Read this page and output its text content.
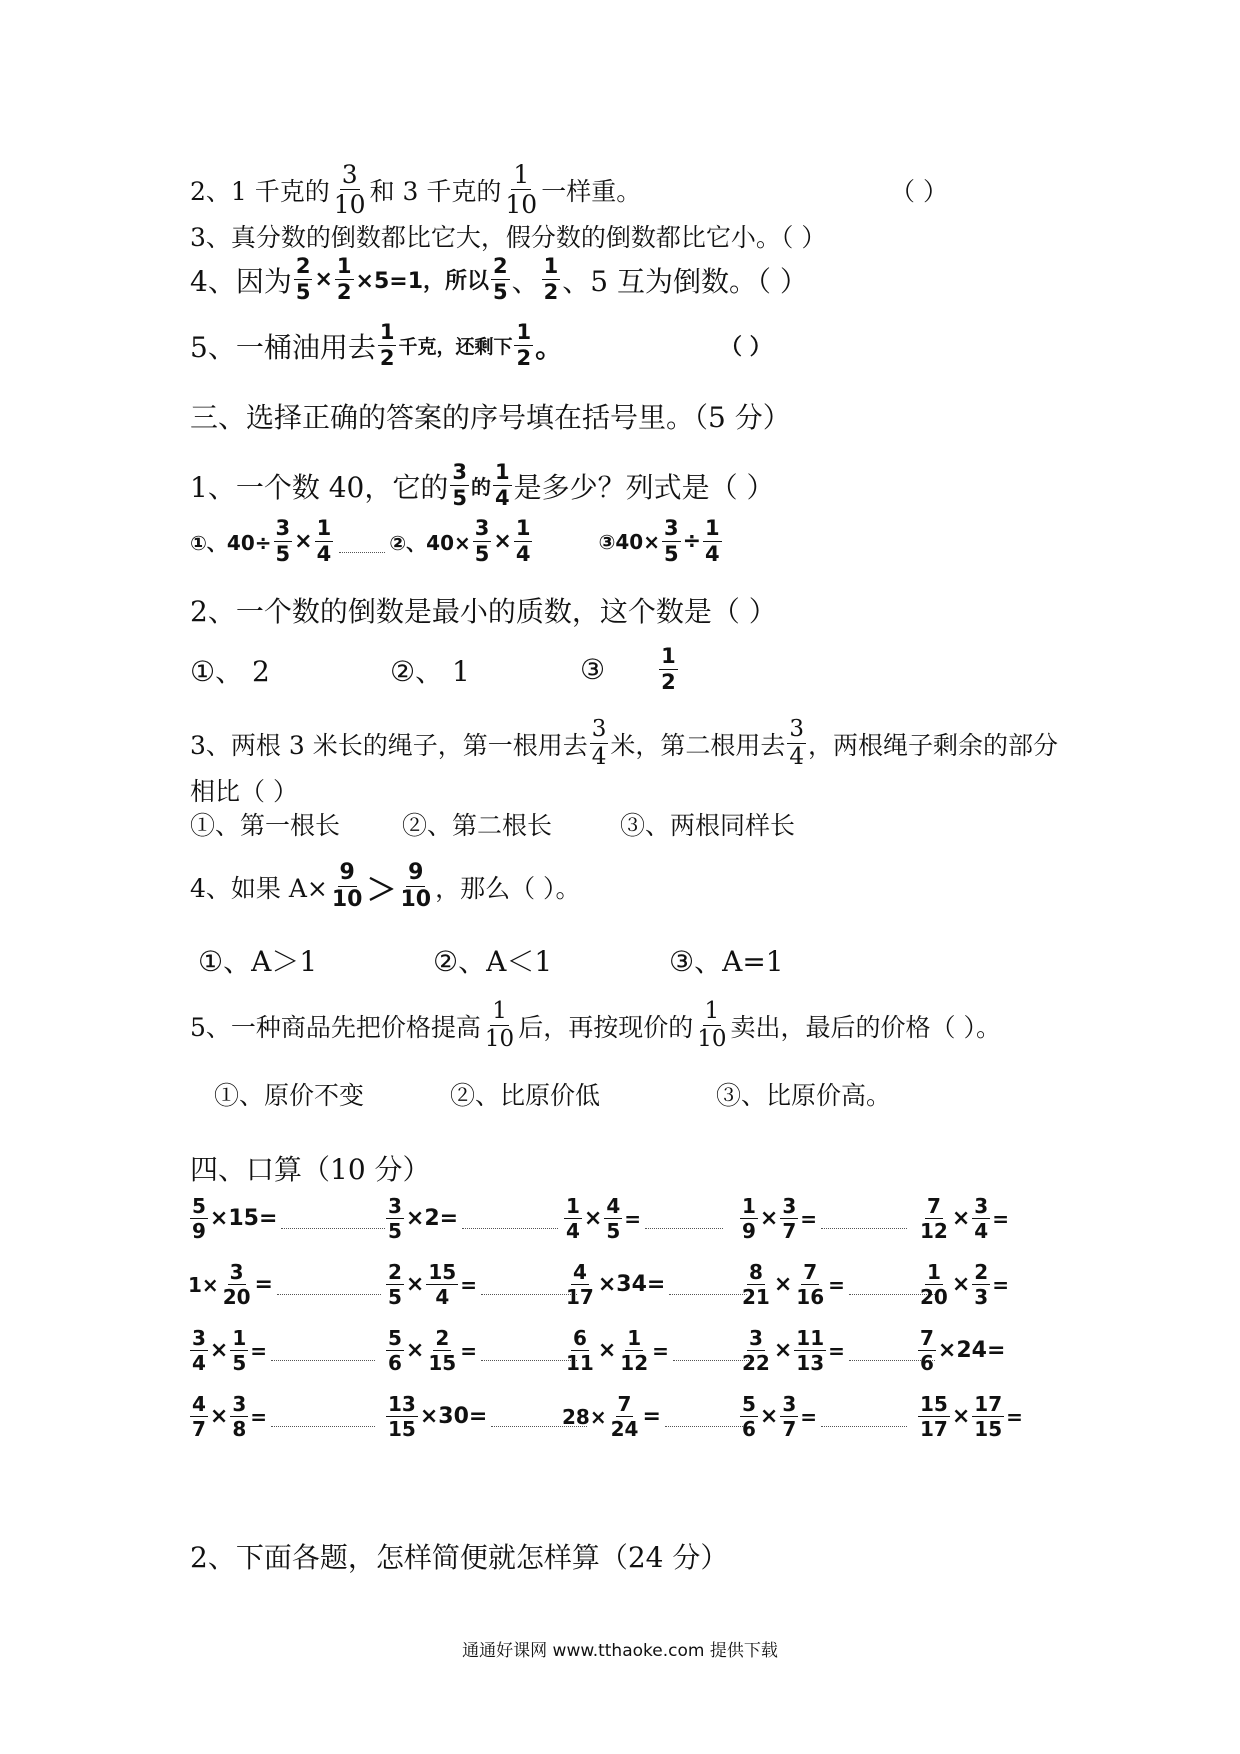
2、1 千克的 $\frac{3}{10}$ 和 3 千克的 $\frac{1}{10}$ 一样重。	（ ）
3、真分数的倒数都比它大，假分数的倒数都比它小。（ ）
4、因为 $\frac{2}{5} \times \frac{1}{2} \times 5=1$，所以 $\frac{2}{5}$ 、 $\frac{1}{2}$ 、5 互为倒数。（ ）
5、一桶油用去 $\frac{1}{2}$ 千克，还剩下 $\frac{1}{2}$ 。	（ ）
三、选择正确的答案的序号填在括号里。（5 分）
1、一个数 40，它的 $\frac{3}{5}$ 的 $\frac{1}{4}$ 是多少？列式是（ ）
①、$40\div \frac{3}{5} \times \frac{1}{4}$	②、$40\times \frac{3}{5} \times \frac{1}{4}$	③40× $\frac{3}{5} \div \frac{1}{4}$
2、一个数的倒数是最小的质数，这个数是（ ）
①、 2	②、 1	③	$\frac{1}{2}$
3、两根 3 米长的绳子，第一根用去 $\frac{3}{4}$ 米，第二根用去 $\frac{3}{4}$ ，两根绳子剩余的部分
相比（ ）
①、第一根长	②、第二根长	③、两根同样长
4、如果 $A\times \frac{9}{10} > \frac{9}{10}$ ，那么（ ）。
①、A＞1	②、A＜1	③、A=1
5、一种商品先把价格提高 $\frac{1}{10}$ 后，再按现价的 $\frac{1}{10}$ 卖出，最后的价格（ ）。
①、原价不变	②、比原价低	③、比原价高。
四、口算（10 分）
$\frac{5}{9} \times 15=$	$\frac{3}{5} \times 2=$	$\frac{1}{4} \times \frac{4}{5}$ =	$\frac{1}{9} \times \frac{3}{7}$ =	$\frac{7}{12} \times \frac{3}{4}$ =
$1\times \frac{3}{20}$ =	$\frac{2}{5} \times \frac{15}{4}$ =	$\frac{4}{17} \times 34=$	$\frac{8}{21} \times \frac{7}{16}$ =	$\frac{1}{20} \times \frac{2}{3}$ =
$\frac{3}{4} \times \frac{1}{5}$ =	$\frac{5}{6} \times \frac{2}{15}$ =	$\frac{6}{11} \times \frac{1}{12}$ =	$\frac{3}{22} \times \frac{11}{13}$ =	$\frac{7}{6} \times 24=$
$\frac{4}{7} \times \frac{3}{8}$ =	$\frac{13}{15} \times 30=$	$28\times \frac{7}{24}$ =	$\frac{5}{6} \times \frac{3}{7}$ =	$\frac{15}{17} \times \frac{17}{15}$ =
2、下面各题，怎样简便就怎样算（24 分）
通通好课网 www.tthaoke.com 提供下载
